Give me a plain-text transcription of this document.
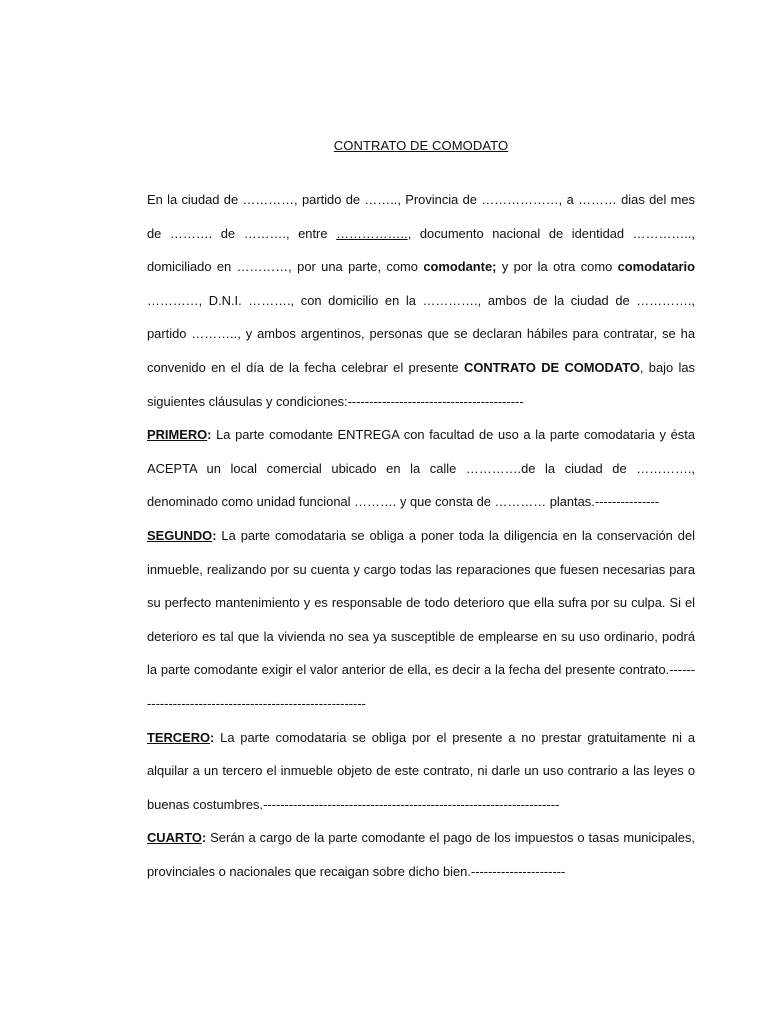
CONTRATO DE COMODATO

En la ciudad de …………, partido de …….., Provincia de ………………, a ……… dias del mes de ………. de ………., entre …………….., documento nacional de identidad ………….., domiciliado en …………, por una parte, como comodante; y por la otra como comodatario …………, D.N.I. ………., con domicilio en la …………., ambos de la ciudad de …………., partido ……….., y ambos argentinos, personas que se declaran hábiles para contratar, se ha convenido en el día de la fecha celebrar el presente CONTRATO DE COMODATO, bajo las siguientes cláusulas y condiciones:-----------------------------------------

PRIMERO: La parte comodante ENTREGA con facultad de uso a la parte comodataria y ésta ACEPTA un local comercial ubicado en la calle ………….de la ciudad de …………., denominado como unidad funcional ………. y que consta de ………… plantas.---------------

SEGUNDO: La parte comodataria se obliga a poner toda la diligencia en la conservación del inmueble, realizando por su cuenta y cargo todas las reparaciones que fuesen necesarias para su perfecto mantenimiento y es responsable de todo deterioro que ella sufra por su culpa. Si el deterioro es tal que la vivienda no sea ya susceptible de emplearse en su uso ordinario, podrá la parte comodante exigir el valor anterior de ella, es decir a la fecha del presente contrato.---------------------------------------------------------

TERCERO: La parte comodataria se obliga por el presente a no prestar gratuitamente ni a alquilar a un tercero el inmueble objeto de este contrato, ni darle un uso contrario a las leyes o buenas costumbres.---------------------------------------------------------------------

CUARTO: Serán a cargo de la parte comodante el pago de los impuestos o tasas municipales, provinciales o nacionales que recaigan sobre dicho bien.----------------------
